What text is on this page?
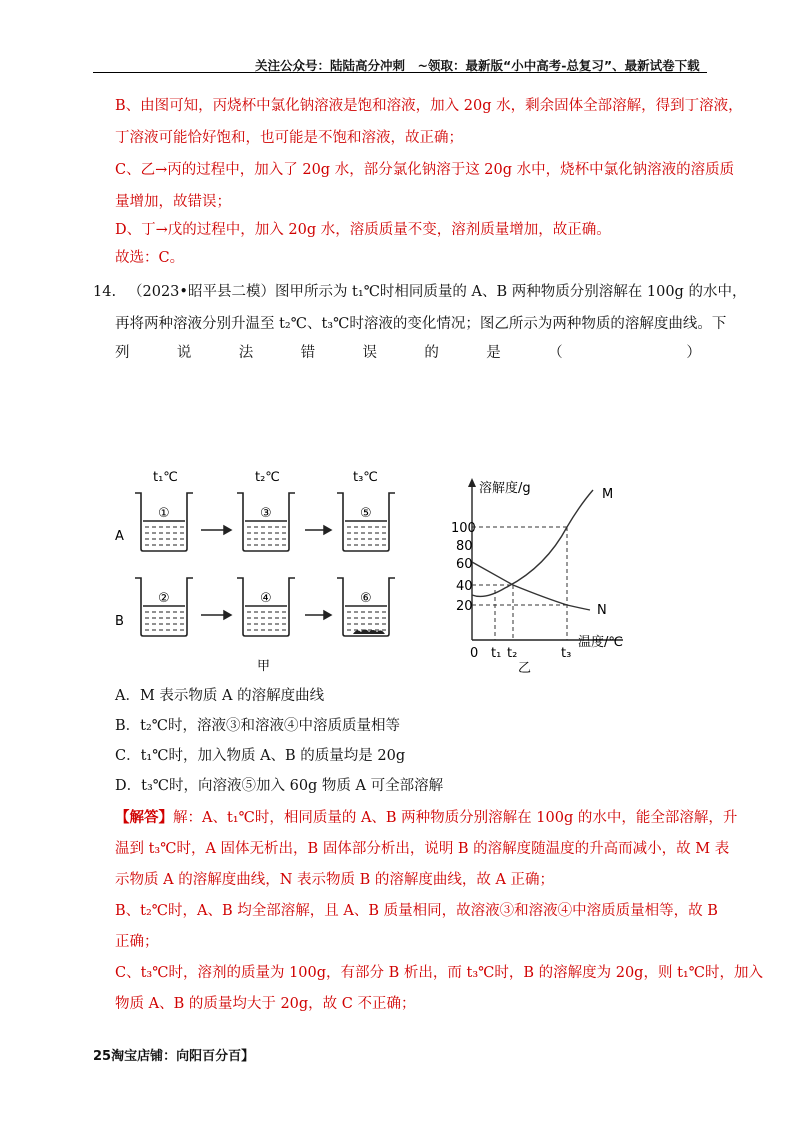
关注公众号：陆陆高分冲刺　~领取：最新版“小中高考-总复习”、最新试卷下载
B、由图可知，丙烧杯中氯化钠溶液是饱和溶液，加入 20g 水，剩余固体全部溶解，得到丁溶液，
丁溶液可能恰好饱和，也可能是不饱和溶液，故正确；
C、乙→丙的过程中，加入了 20g 水，部分氯化钠溶于这 20g 水中，烧杯中氯化钠溶液的溶质质
量增加，故错误；
D、丁→戊的过程中，加入 20g 水，溶质质量不变，溶剂质量增加，故正确。
故选：C。
14. （2023•昭平县二模）图甲所示为 t₁℃时相同质量的 A、B 两种物质分别溶解在 100g 的水中，
再将两种溶液分别升温至 t₂℃、t₃℃时溶液的变化情况；图乙所示为两种物质的溶解度曲线。下
列	说	法	错	误	的	是	（
　　	）
t₁℃	t₂℃	t₃℃
A
B
①	③	⑤
②	④	⑥
甲
溶解度/g
温度/℃
100
80
60
40
20
0 t₁ t₂	t₃
M
N
乙
A．M 表示物质 A 的溶解度曲线
B．t₂℃时，溶液③和溶液④中溶质质量相等
C．t₁℃时，加入物质 A、B 的质量均是 20g
D．t₃℃时，向溶液⑤加入 60g 物质 A 可全部溶解
【解答】解：A、t₁℃时，相同质量的 A、B 两种物质分别溶解在 100g 的水中，能全部溶解，升
温到 t₃℃时，A 固体无析出，B 固体部分析出，说明 B 的溶解度随温度的升高而减小，故 M 表
示物质 A 的溶解度曲线，N 表示物质 B 的溶解度曲线，故 A 正确；
B、t₂℃时，A、B 均全部溶解，且 A、B 质量相同，故溶液③和溶液④中溶质质量相等，故 B
正确；
C、t₃℃时，溶剂的质量为 100g，有部分 B 析出，而 t₃℃时，B 的溶解度为 20g，则 t₁℃时，加入
物质 A、B 的质量均大于 20g，故 C 不正确；
25淘宝店铺：向阳百分百】
